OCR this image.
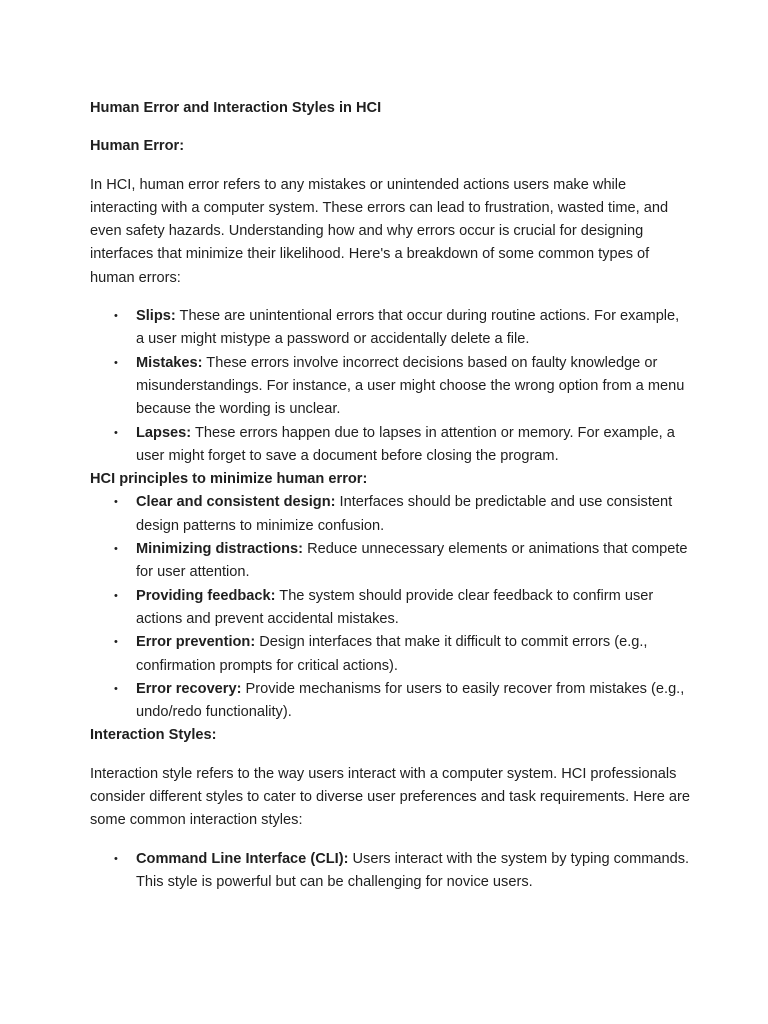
Human Error and Interaction Styles in HCI
Human Error:

In HCI, human error refers to any mistakes or unintended actions users make while interacting with a computer system. These errors can lead to frustration, wasted time, and even safety hazards. Understanding how and why errors occur is crucial for designing interfaces that minimize their likelihood. Here's a breakdown of some common types of human errors:

• Slips: These are unintentional errors that occur during routine actions. For example, a user might mistype a password or accidentally delete a file.
• Mistakes: These errors involve incorrect decisions based on faulty knowledge or misunderstandings. For instance, a user might choose the wrong option from a menu because the wording is unclear.
• Lapses: These errors happen due to lapses in attention or memory. For example, a user might forget to save a document before closing the program.
HCI principles to minimize human error:
• Clear and consistent design: Interfaces should be predictable and use consistent design patterns to minimize confusion.
• Minimizing distractions: Reduce unnecessary elements or animations that compete for user attention.
• Providing feedback: The system should provide clear feedback to confirm user actions and prevent accidental mistakes.
• Error prevention: Design interfaces that make it difficult to commit errors (e.g., confirmation prompts for critical actions).
• Error recovery: Provide mechanisms for users to easily recover from mistakes (e.g., undo/redo functionality).
Interaction Styles:

Interaction style refers to the way users interact with a computer system. HCI professionals consider different styles to cater to diverse user preferences and task requirements. Here are some common interaction styles:

• Command Line Interface (CLI): Users interact with the system by typing commands. This style is powerful but can be challenging for novice users.
